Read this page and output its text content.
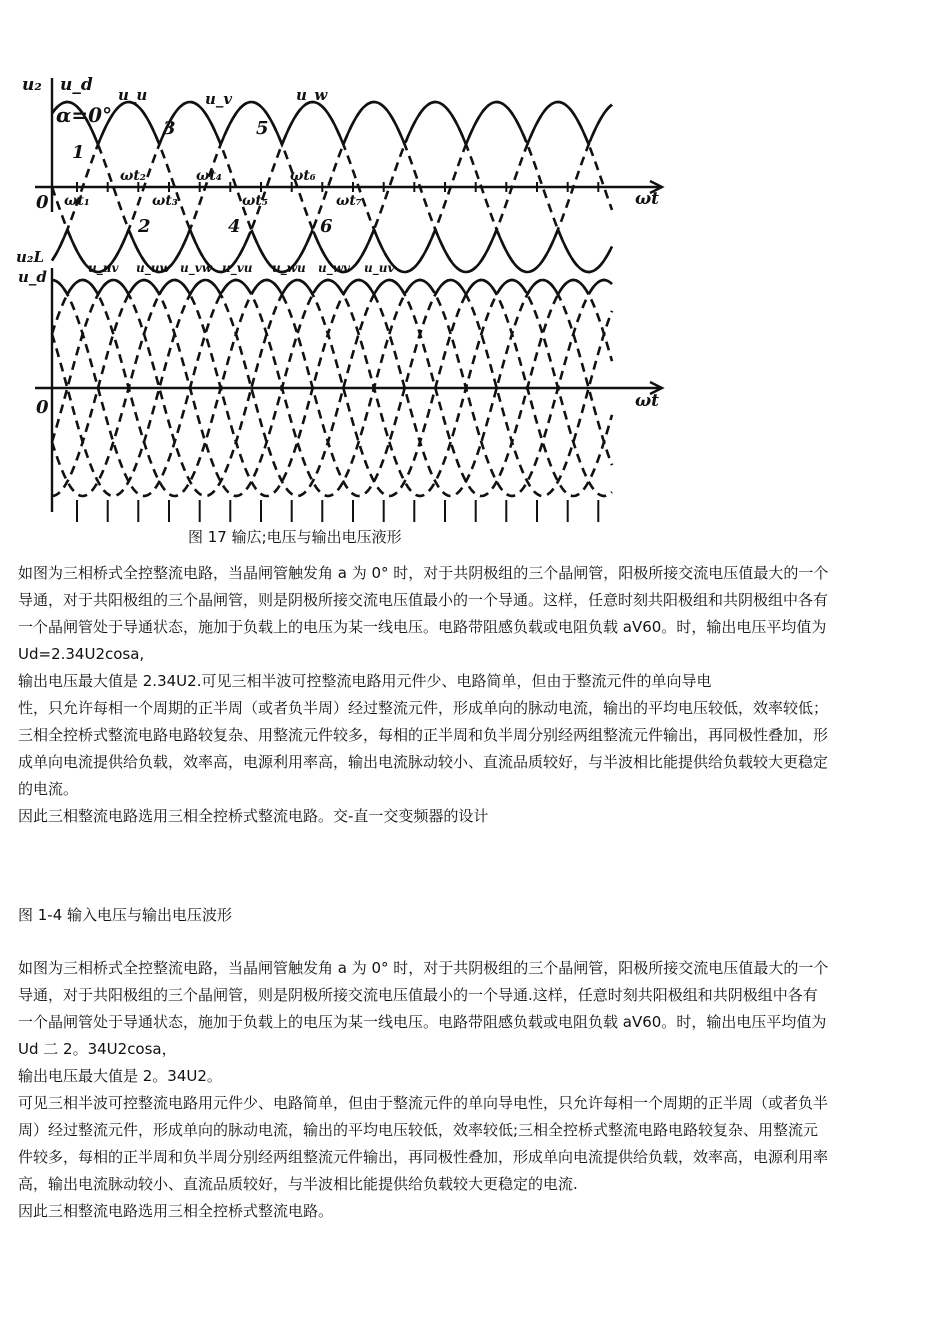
u₂ u_d
α=0°
u_u	u_v	u_w
0	ωt
u₂L
u_d
0	ωt
1
3	5
2	4	6
ωt₂	ωt₄	ωt₆
ωt₁	ωt₃	ωt₅	ωt₇
u_uv u_uw u_vw u_vu u_wu u_wv u_uv
图 17 输広;电压与输出电压液形
如图为三相桥式全控整流电路，当晶闸管触发角 a 为 0° 时，对于共阴极组的三个晶闸管，阳极所接交流电压值最大的一个
导通，对于共阳极组的三个晶闸管，则是阴极所接交流电压值最小的一个导通。这样，任意时刻共阳极组和共阴极组中各有
一个晶闸管处于导通状态，施加于负载上的电压为某一线电压。电路带阻感负载或电阻负载 aV60。时，输出电压平均值为
Ud=2.34U2cosa,
输出电压最大值是 2.34U2.可见三相半波可控整流电路用元件少、电路简单，但由于整流元件的单向导电
性，只允许每相一个周期的正半周（或者负半周）经过整流元件，形成单向的脉动电流，输出的平均电压较低，效率较低；
三相全控桥式整流电路电路较复杂、用整流元件较多，每相的正半周和负半周分别经两组整流元件输出，再同极性叠加，形
成单向电流提供给负载，效率高，电源利用率高，输出电流脉动较小、直流品质较好，与半波相比能提供给负载较大更稳定
的电流。
因此三相整流电路选用三相全控桥式整流电路。交-直一交变频器的设计
图 1-4 输入电压与输出电压波形
如图为三相桥式全控整流电路，当晶闸管触发角 a 为 0° 时，对于共阴极组的三个晶闸管，阳极所接交流电压值最大的一个
导通，对于共阳极组的三个晶闸管，则是阴极所接交流电压值最小的一个导通.这样，任意时刻共阳极组和共阴极组中各有
一个晶闸管处于导通状态，施加于负载上的电压为某一线电压。电路带阻感负载或电阻负载 aV60。时，输出电压平均值为
Ud 二 2。34U2cosa，
输出电压最大值是 2。34U2。
可见三相半波可控整流电路用元件少、电路简单，但由于整流元件的单向导电性，只允许每相一个周期的正半周（或者负半
周）经过整流元件，形成单向的脉动电流，输出的平均电压较低，效率较低;三相全控桥式整流电路电路较复杂、用整流元
件较多，每相的正半周和负半周分别经两组整流元件输出，再同极性叠加，形成单向电流提供给负载，效率高，电源利用率
高，输出电流脉动较小、直流品质较好，与半波相比能提供给负载较大更稳定的电流.
因此三相整流电路选用三相全控桥式整流电路。
